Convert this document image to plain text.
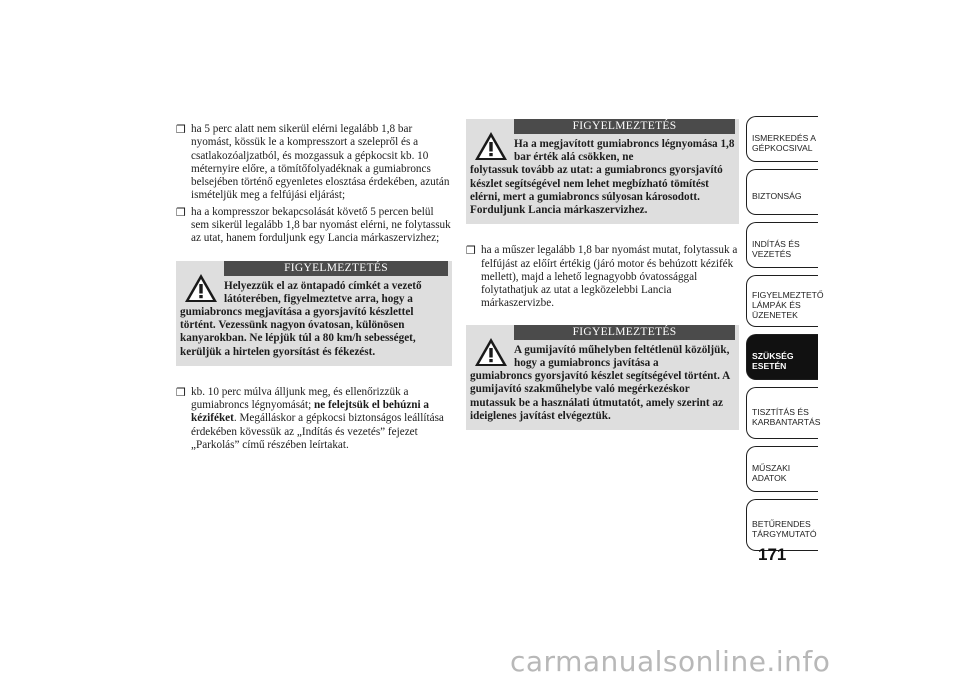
❒ ha 5 perc alatt nem sikerül elérni legalább 1,8 bar nyomást, kössük le a kompresszort a szelepről és a csatlakozóaljzatból, és mozgassuk a gépkocsit kb. 10 méternyire előre, a tömítőfolyadéknak a gumiabroncs belsejében történő egyenletes elosztása érdekében, azután ismételjük meg a felfújási eljárást;

❒ ha a kompresszor bekapcsolását követő 5 percen belül sem sikerül legalább 1,8 bar nyomást elérni, ne folytassuk az utat, hanem forduljunk egy Lancia márkaszervizhez;

FIGYELMEZTETÉS
Helyezzük el az öntapadó címkét a vezető látóterében, figyelmeztetve arra, hogy a
gumiabroncs megjavítása a gyorsjavító készlettel történt. Vezessünk nagyon óvatosan, különösen kanyarokban. Ne lépjük túl a 80 km/h sebességet, kerüljük a hirtelen gyorsítást és fékezést.

❒ kb. 10 perc múlva álljunk meg, és ellenőrizzük a gumiabroncs légnyomását; ne felejtsük el behúzni a kéziféket. Megálláskor a gépkocsi biztonságos leállítása érdekében kövessük az „Indítás és vezetés” fejezet „Parkolás” című részében leírtakat.

FIGYELMEZTETÉS
Ha a megjavított gumiabroncs légnyomása 1,8 bar érték alá csökken, ne
folytassuk tovább az utat: a gumiabroncs gyorsjavító készlet segítségével nem lehet megbízható tömítést elérni, mert a gumiabroncs súlyosan károsodott. Forduljunk Lancia márkaszervizhez.

❒ ha a műszer legalább 1,8 bar nyomást mutat, folytassuk a felfújást az előírt értékig (járó motor és behúzott kézifék mellett), majd a lehető legnagyobb óvatossággal folytathatjuk az utat a legközelebbi Lancia márkaszervizbe.

FIGYELMEZTETÉS
A gumijavító műhelyben feltétlenül közöljük, hogy a gumiabroncs javítása a
gumiabroncs gyorsjavító készlet segítségével történt. A gumijavító szakműhelybe való megérkezéskor mutassuk be a használati útmutatót, amely szerint az ideiglenes javítást elvégeztük.
ISMERKEDÉS A GÉPKOCSIVAL
BIZTONSÁG
INDÍTÁS ÉS VEZETÉS
FIGYELMEZTETŐ LÁMPÁK ÉS ÜZENETEK
SZÜKSÉG ESETÉN
TISZTÍTÁS ÉS KARBANTARTÁS
MŰSZAKI ADATOK
BETŰRENDES TÁRGYMUTATÓ
171
carmanualsonline.info
